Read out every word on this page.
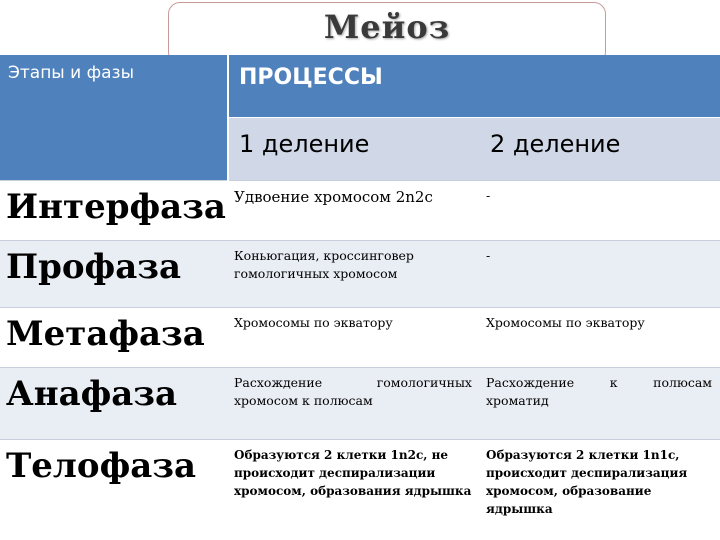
Мейоз
Этапы и фазы	ПРОЦЕССЫ	
	1 деление	2 деление
Интерфаза	Удвоение хромосом 2n2c	-
Профаза	Коньюгация, кроссинговер гомологичных хромосом	-
Метафаза	Хромосомы по экватору	Хромосомы по экватору
Анафаза	Расхождение гомологичных хромосом к полюсам	Расхождение к полюсам хроматид
Телофаза	Образуются 2 клетки 1n2c, не происходит деспирализации хромосом, образования ядрышка	Образуются 2 клетки 1n1c, происходит деспирализация хромосом, образование ядрышка
